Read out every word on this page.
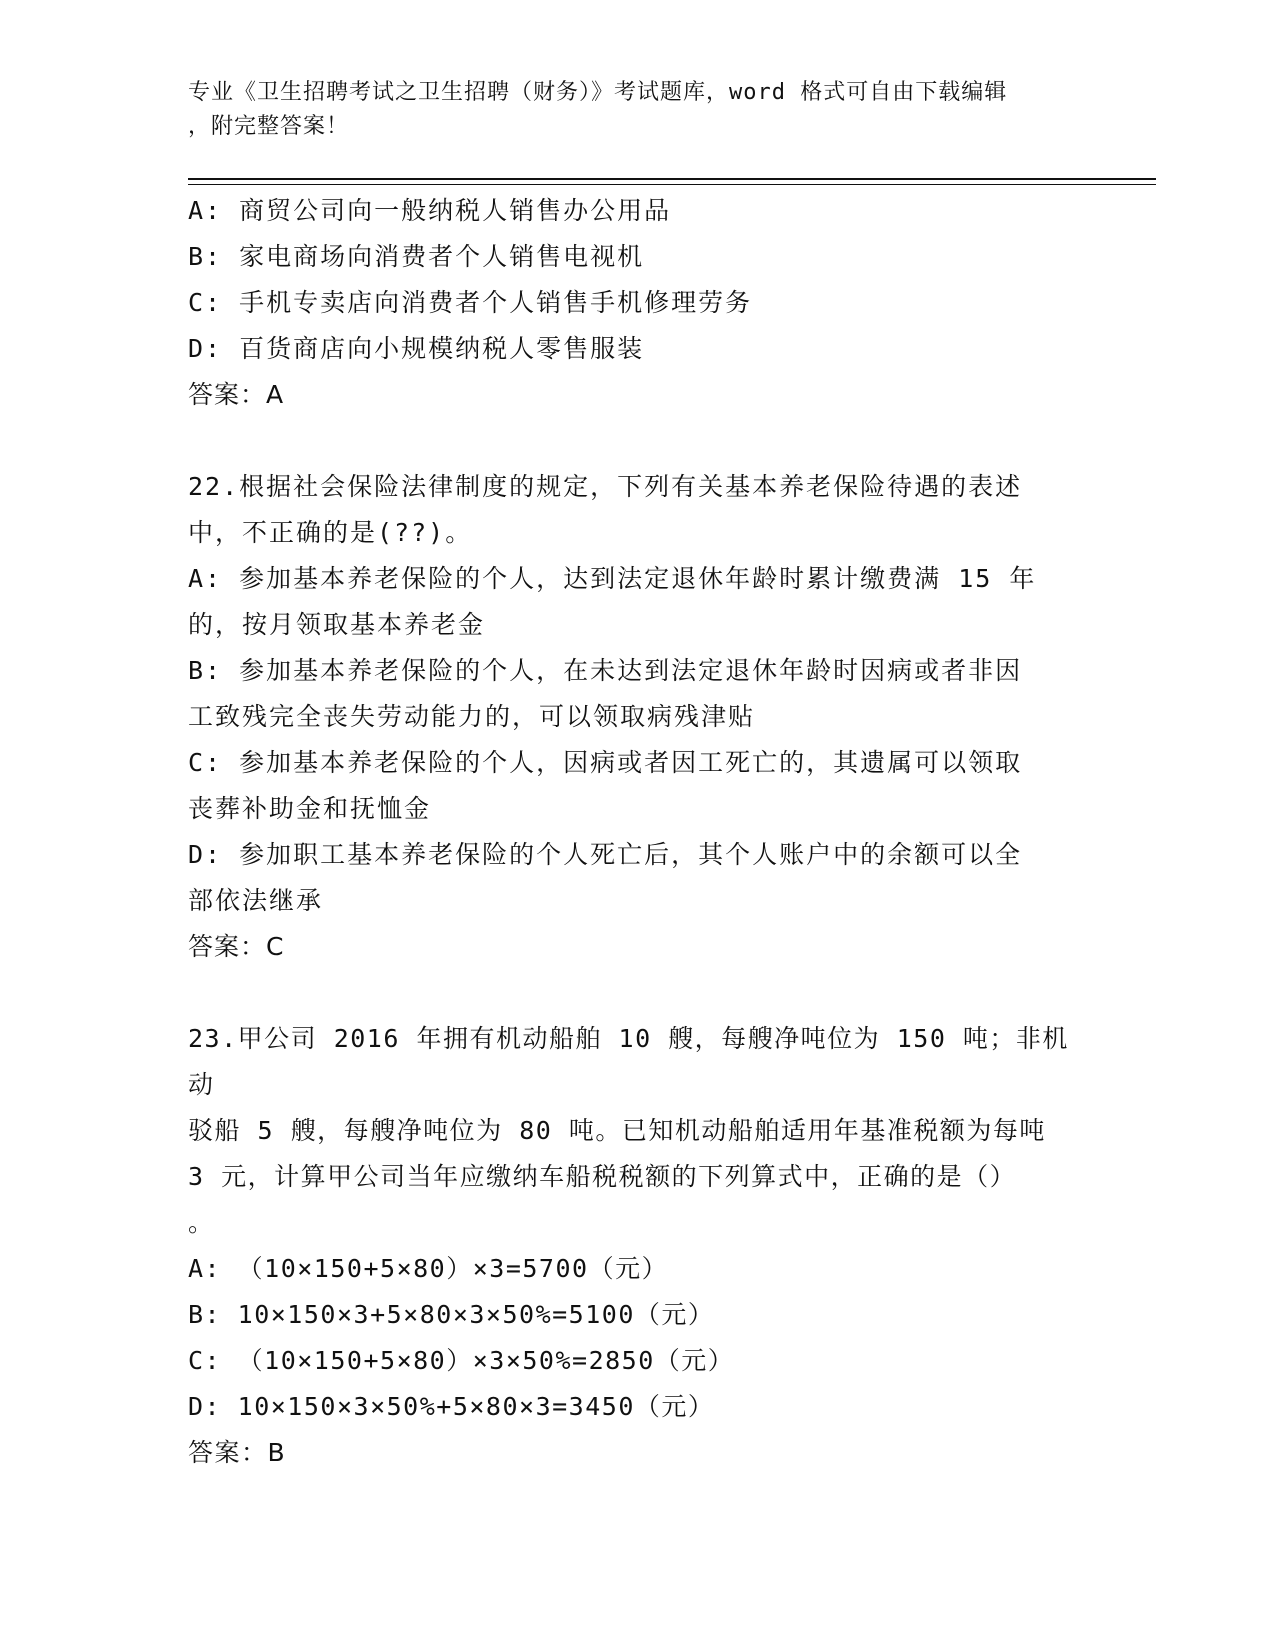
专业《卫生招聘考试之卫生招聘（财务）》考试题库，word 格式可自由下载编辑
，附完整答案！
A: 商贸公司向一般纳税人销售办公用品
B: 家电商场向消费者个人销售电视机
C: 手机专卖店向消费者个人销售手机修理劳务
D: 百货商店向小规模纳税人零售服装
答案：A
22.根据社会保险法律制度的规定，下列有关基本养老保险待遇的表述
中，不正确的是(??)。
A: 参加基本养老保险的个人，达到法定退休年龄时累计缴费满 15 年
的，按月领取基本养老金
B: 参加基本养老保险的个人，在未达到法定退休年龄时因病或者非因
工致残完全丧失劳动能力的，可以领取病残津贴
C: 参加基本养老保险的个人，因病或者因工死亡的，其遗属可以领取
丧葬补助金和抚恤金
D: 参加职工基本养老保险的个人死亡后，其个人账户中的余额可以全
部依法继承
答案：C
23.甲公司 2016 年拥有机动船舶 10 艘，每艘净吨位为 150 吨；非机动
驳船 5 艘，每艘净吨位为 80 吨。已知机动船舶适用年基准税额为每吨
3 元，计算甲公司当年应缴纳车船税税额的下列算式中，正确的是（）
。
A: （10×150+5×80）×3=5700（元）
B: 10×150×3+5×80×3×50%=5100（元）
C: （10×150+5×80）×3×50%=2850（元）
D: 10×150×3×50%+5×80×3=3450（元）
答案：B
